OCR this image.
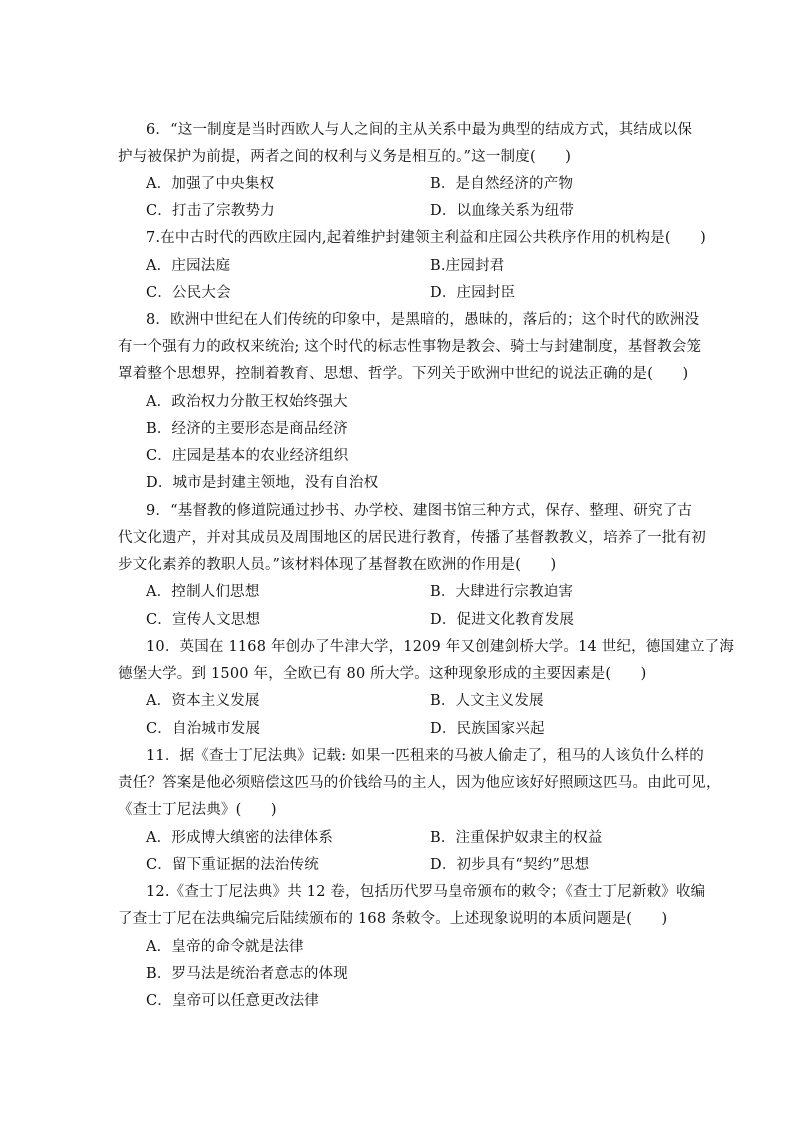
6．“这一制度是当时西欧人与人之间的主从关系中最为典型的结成方式，其结成以保
护与被保护为前提，两者之间的权利与义务是相互的。”这一制度(　　)
A．加强了中央集权	B．是自然经济的产物
C．打击了宗教势力	D．以血缘关系为纽带
7.在中古时代的西欧庄园内,起着维护封建领主利益和庄园公共秩序作用的机构是(　　)
A．庄园法庭	B.庄园封君
C．公民大会	D．庄园封臣
8．欧洲中世纪在人们传统的印象中，是黑暗的，愚昧的，落后的；这个时代的欧洲没
有一个强有力的政权来统治; 这个时代的标志性事物是教会、骑士与封建制度，基督教会笼
罩着整个思想界，控制着教育、思想、哲学。下列关于欧洲中世纪的说法正确的是(　　)
A．政治权力分散王权始终强大
B．经济的主要形态是商品经济
C．庄园是基本的农业经济组织
D．城市是封建主领地，没有自治权
9．“基督教的修道院通过抄书、办学校、建图书馆三种方式，保存、整理、研究了古
代文化遗产，并对其成员及周围地区的居民进行教育，传播了基督教教义，培养了一批有初
步文化素养的教职人员。”该材料体现了基督教在欧洲的作用是(　　)
A．控制人们思想	B．大肆进行宗教迫害
C．宣传人文思想	D．促进文化教育发展
10．英国在 1168 年创办了牛津大学，1209 年又创建剑桥大学。14 世纪，德国建立了海
德堡大学。到 1500 年，全欧已有 80 所大学。这种现象形成的主要因素是(　　)
A．资本主义发展	B．人文主义发展
C．自治城市发展	D．民族国家兴起
11．据《查士丁尼法典》记载: 如果一匹租来的马被人偷走了，租马的人该负什么样的
责任？答案是他必须赔偿这匹马的价钱给马的主人，因为他应该好好照顾这匹马。由此可见，
《查士丁尼法典》(　　)
A．形成博大缜密的法律体系	B．注重保护奴隶主的权益
C．留下重证据的法治传统	D．初步具有“契约”思想
12.《查士丁尼法典》共 12 卷，包括历代罗马皇帝颁布的敕令；《查士丁尼新敕》收编
了查士丁尼在法典编完后陆续颁布的 168 条敕令。上述现象说明的本质问题是(　　)
A．皇帝的命令就是法律
B．罗马法是统治者意志的体现
C．皇帝可以任意更改法律
